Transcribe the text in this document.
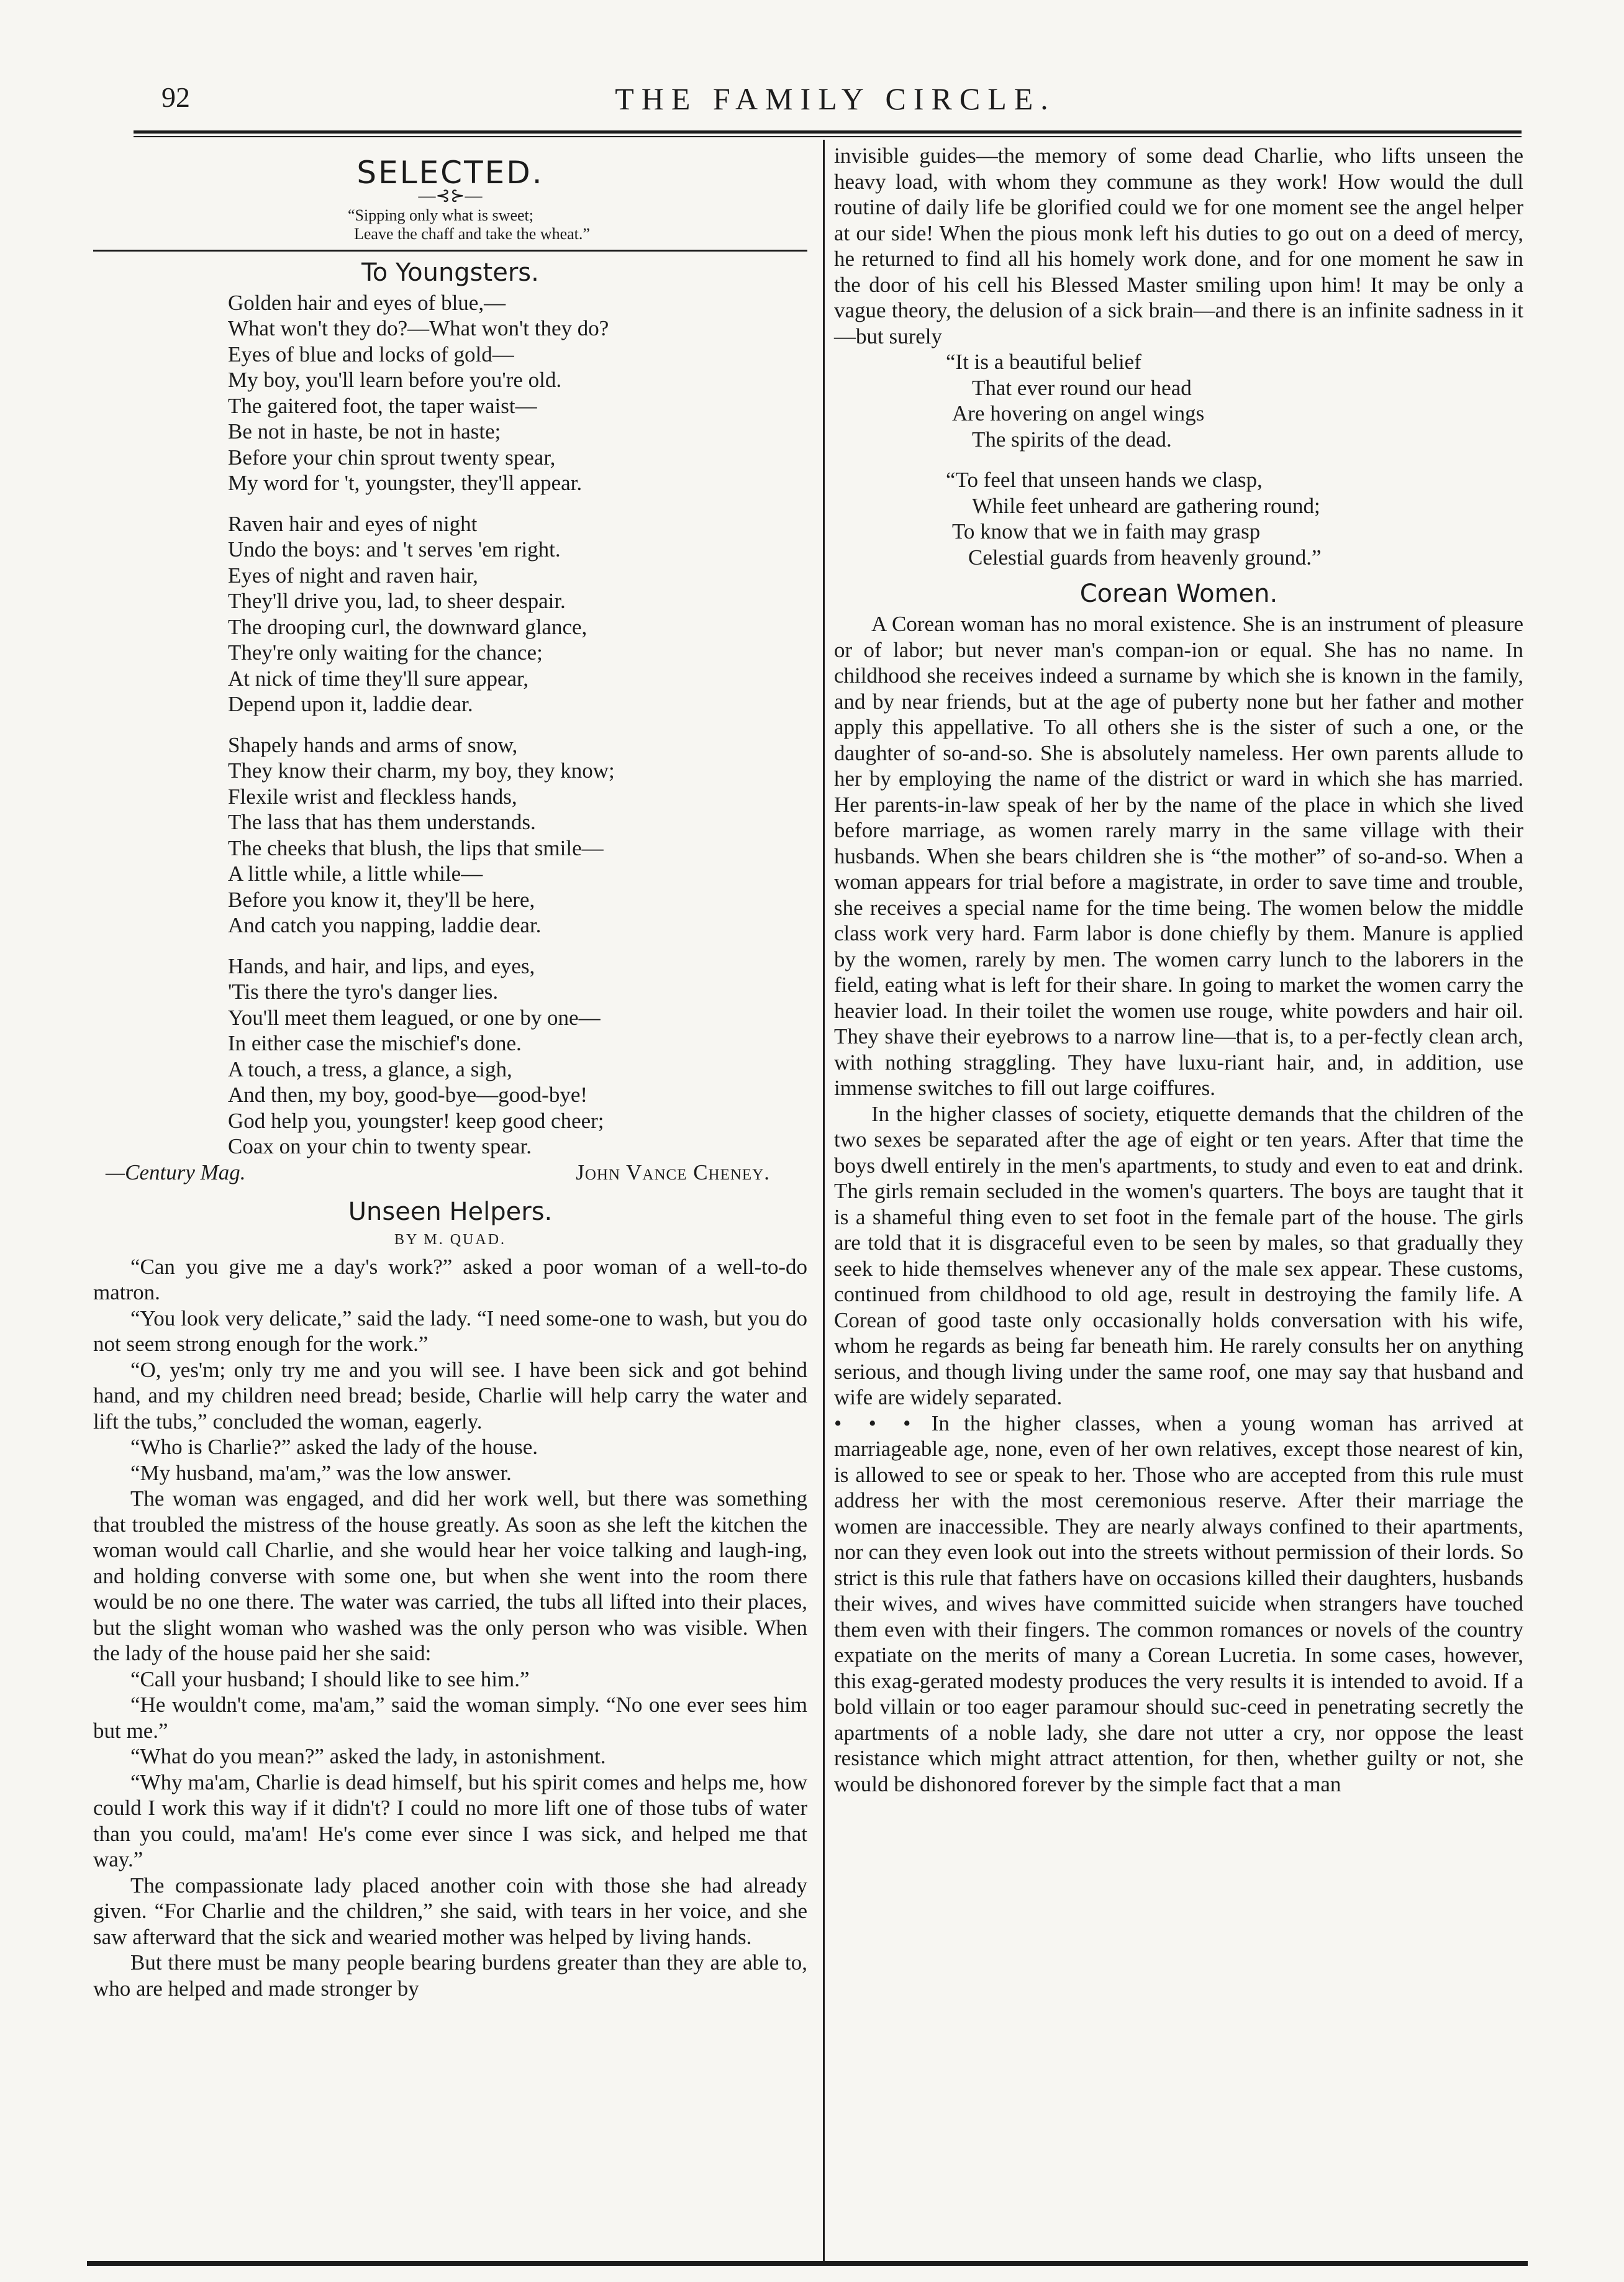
92	THE FAMILY CIRCLE.
SELECTED.
—⊰⊱—
“Sipping only what is sweet;
Leave the chaff and take the wheat.”
To Youngsters.
Golden hair and eyes of blue,—
What won't they do?—What won't they do?
Eyes of blue and locks of gold—
My boy, you'll learn before you're old.
The gaitered foot, the taper waist—
Be not in haste, be not in haste;
Before your chin sprout twenty spear,
My word for 't, youngster, they'll appear.
Raven hair and eyes of night
Undo the boys: and 't serves 'em right.
Eyes of night and raven hair,
They'll drive you, lad, to sheer despair.
The drooping curl, the downward glance,
They're only waiting for the chance;
At nick of time they'll sure appear,
Depend upon it, laddie dear.
Shapely hands and arms of snow,
They know their charm, my boy, they know;
Flexile wrist and fleckless hands,
The lass that has them understands.
The cheeks that blush, the lips that smile—
A little while, a little while—
Before you know it, they'll be here,
And catch you napping, laddie dear.
Hands, and hair, and lips, and eyes,
'Tis there the tyro's danger lies.
You'll meet them leagued, or one by one—
In either case the mischief's done.
A touch, a tress, a glance, a sigh,
And then, my boy, good-bye—good-bye!
God help you, youngster! keep good cheer;
Coax on your chin to twenty spear.
—Century Mag.	John Vance Cheney.
Unseen Helpers.
BY M. QUAD.

“Can you give me a day's work?” asked a poor woman of a well-to-do matron.

“You look very delicate,” said the lady. “I need some-one to wash, but you do not seem strong enough for the work.”

“O, yes'm; only try me and you will see. I have been sick and got behind hand, and my children need bread; beside, Charlie will help carry the water and lift the tubs,” concluded the woman, eagerly.

“Who is Charlie?” asked the lady of the house.

“My husband, ma'am,” was the low answer.

The woman was engaged, and did her work well, but there was something that troubled the mistress of the house greatly. As soon as she left the kitchen the woman would call Charlie, and she would hear her voice talking and laugh-ing, and holding converse with some one, but when she went into the room there would be no one there. The water was carried, the tubs all lifted into their places, but the slight woman who washed was the only person who was visible. When the lady of the house paid her she said:

“Call your husband; I should like to see him.”

“He wouldn't come, ma'am,” said the woman simply. “No one ever sees him but me.”

“What do you mean?” asked the lady, in astonishment.

“Why ma'am, Charlie is dead himself, but his spirit comes and helps me, how could I work this way if it didn't? I could no more lift one of those tubs of water than you could, ma'am! He's come ever since I was sick, and helped me that way.”

The compassionate lady placed another coin with those she had already given. “For Charlie and the children,” she said, with tears in her voice, and she saw afterward that the sick and wearied mother was helped by living hands.

But there must be many people bearing burdens greater than they are able to, who are helped and made stronger by

invisible guides—the memory of some dead Charlie, who lifts unseen the heavy load, with whom they commune as they work! How would the dull routine of daily life be glorified could we for one moment see the angel helper at our side! When the pious monk left his duties to go out on a deed of mercy, he returned to find all his homely work done, and for one moment he saw in the door of his cell his Blessed Master smiling upon him! It may be only a vague theory, the delusion of a sick brain—and there is an infinite sadness in it—but surely

“It is a beautiful belief
That ever round our head
Are hovering on angel wings
The spirits of the dead.
“To feel that unseen hands we clasp,
While feet unheard are gathering round;
To know that we in faith may grasp
Celestial guards from heavenly ground.”
Corean Women.

A Corean woman has no moral existence. She is an instrument of pleasure or of labor; but never man's compan-ion or equal. She has no name. In childhood she receives indeed a surname by which she is known in the family, and by near friends, but at the age of puberty none but her father and mother apply this appellative. To all others she is the sister of such a one, or the daughter of so-and-so. She is absolutely nameless. Her own parents allude to her by employing the name of the district or ward in which she has married. Her parents-in-law speak of her by the name of the place in which she lived before marriage, as women rarely marry in the same village with their husbands. When she bears children she is “the mother” of so-and-so. When a woman appears for trial before a magistrate, in order to save time and trouble, she receives a special name for the time being. The women below the middle class work very hard. Farm labor is done chiefly by them. Manure is applied by the women, rarely by men. The women carry lunch to the laborers in the field, eating what is left for their share. In going to market the women carry the heavier load. In their toilet the women use rouge, white powders and hair oil. They shave their eyebrows to a narrow line—that is, to a per-fectly clean arch, with nothing straggling. They have luxu-riant hair, and, in addition, use immense switches to fill out large coiffures.

In the higher classes of society, etiquette demands that the children of the two sexes be separated after the age of eight or ten years. After that time the boys dwell entirely in the men's apartments, to study and even to eat and drink. The girls remain secluded in the women's quarters. The boys are taught that it is a shameful thing even to set foot in the female part of the house. The girls are told that it is disgraceful even to be seen by males, so that gradually they seek to hide themselves whenever any of the male sex appear. These customs, continued from childhood to old age, result in destroying the family life. A Corean of good taste only occasionally holds conversation with his wife, whom he regards as being far beneath him. He rarely consults her on anything serious, and though living under the same roof, one may say that husband and wife are widely separated.

• • • In the higher classes, when a young woman has arrived at marriageable age, none, even of her own relatives, except those nearest of kin, is allowed to see or speak to her. Those who are accepted from this rule must address her with the most ceremonious reserve. After their marriage the women are inaccessible. They are nearly always confined to their apartments, nor can they even look out into the streets without permission of their lords. So strict is this rule that fathers have on occasions killed their daughters, husbands their wives, and wives have committed suicide when strangers have touched them even with their fingers. The common romances or novels of the country expatiate on the merits of many a Corean Lucretia. In some cases, however, this exag-gerated modesty produces the very results it is intended to avoid. If a bold villain or too eager paramour should suc-ceed in penetrating secretly the apartments of a noble lady, she dare not utter a cry, nor oppose the least resistance which might attract attention, for then, whether guilty or not, she would be dishonored forever by the simple fact that a man
